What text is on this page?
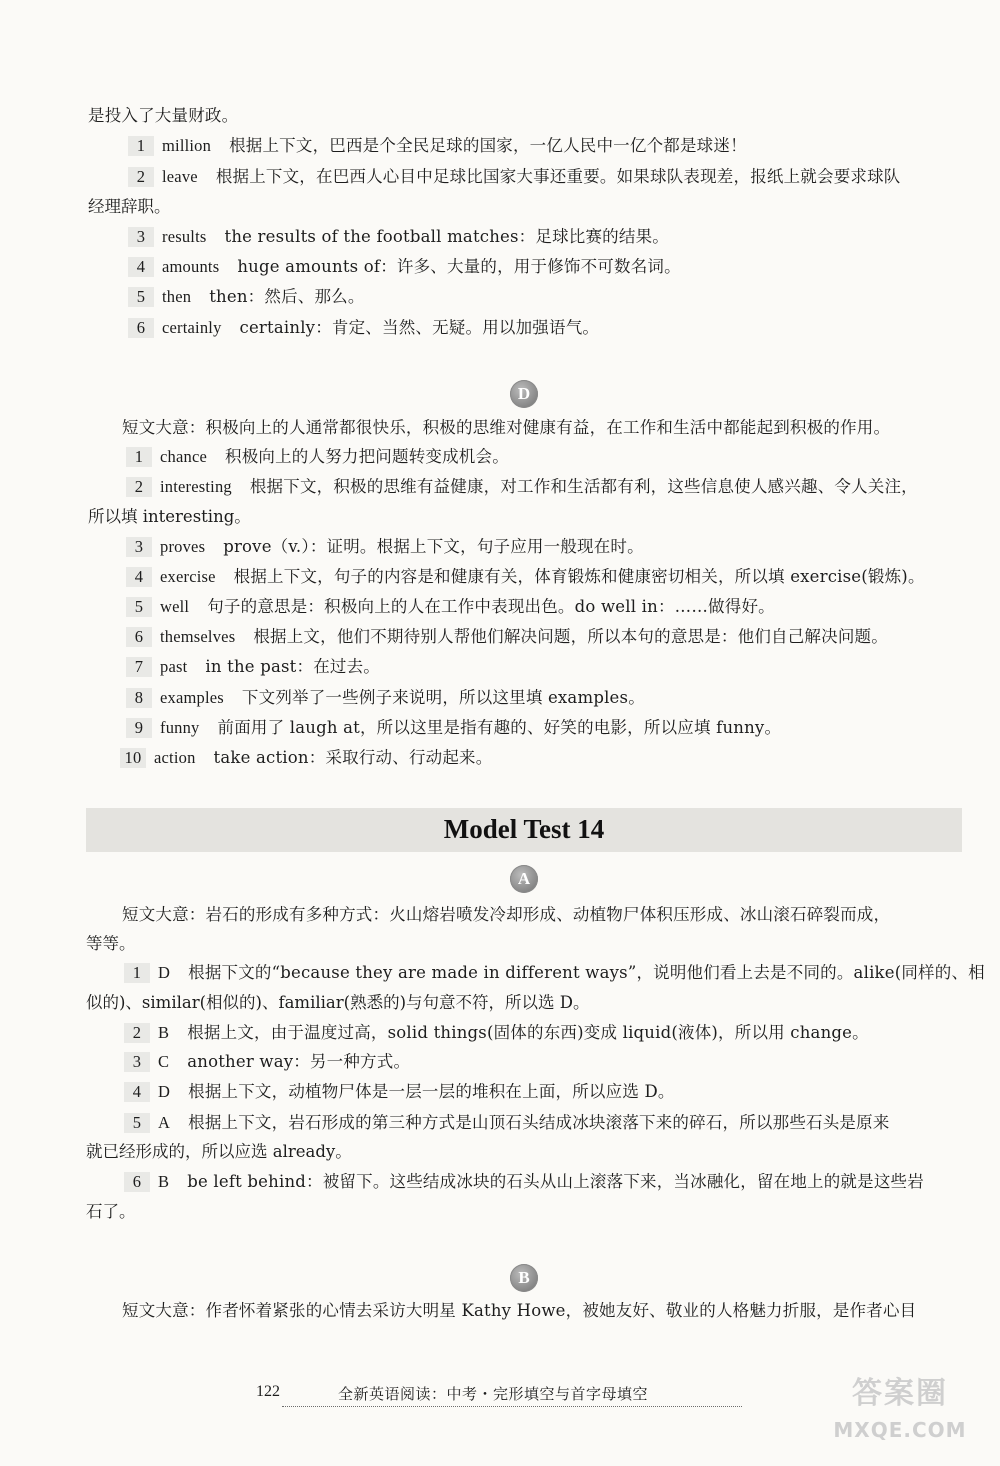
是投入了大量财政。
1	million 根据上下文，巴西是个全民足球的国家，一亿人民中一亿个都是球迷！
2	leave 根据上下文，在巴西人心目中足球比国家大事还重要。如果球队表现差，报纸上就会要求球队
经理辞职。
3	results the results of the football matches：足球比赛的结果。
4	amounts huge amounts of：许多、大量的，用于修饰不可数名词。
5	then then：然后、那么。
6	certainly certainly：肯定、当然、无疑。用以加强语气。
D
短文大意：积极向上的人通常都很快乐，积极的思维对健康有益，在工作和生活中都能起到积极的作用。
1	chance 积极向上的人努力把问题转变成机会。
2	interesting 根据下文，积极的思维有益健康，对工作和生活都有利，这些信息使人感兴趣、令人关注，
所以填 interesting。
3	proves prove（v.）：证明。根据上下文，句子应用一般现在时。
4	exercise 根据上下文，句子的内容是和健康有关，体育锻炼和健康密切相关，所以填 exercise(锻炼)。
5	well 句子的意思是：积极向上的人在工作中表现出色。do well in：……做得好。
6	themselves 根据上文，他们不期待别人帮他们解决问题，所以本句的意思是：他们自己解决问题。
7	past in the past：在过去。
8	examples 下文列举了一些例子来说明，所以这里填 examples。
9	funny 前面用了 laugh at，所以这里是指有趣的、好笑的电影，所以应填 funny。
10 action take action：采取行动、行动起来。
Model Test 14
A
短文大意：岩石的形成有多种方式：火山熔岩喷发冷却形成、动植物尸体积压形成、冰山滚石碎裂而成，
等等。
1	D 根据下文的“because they are made in different ways”，说明他们看上去是不同的。alike(同样的、相
似的)、similar(相似的)、familiar(熟悉的)与句意不符，所以选 D。
2	B 根据上文，由于温度过高，solid things(固体的东西)变成 liquid(液体)，所以用 change。
3	C another way：另一种方式。
4	D 根据上下文，动植物尸体是一层一层的堆积在上面，所以应选 D。
5	A 根据上下文，岩石形成的第三种方式是山顶石头结成冰块滚落下来的碎石，所以那些石头是原来
就已经形成的，所以应选 already。
6	B be left behind：被留下。这些结成冰块的石头从山上滚落下来，当冰融化，留在地上的就是这些岩
石了。
B
短文大意：作者怀着紧张的心情去采访大明星 Kathy Howe，被她友好、敬业的人格魅力折服，是作者心目
122	全新英语阅读：中考・完形填空与首字母填空	答案圈
MXQE.COM
